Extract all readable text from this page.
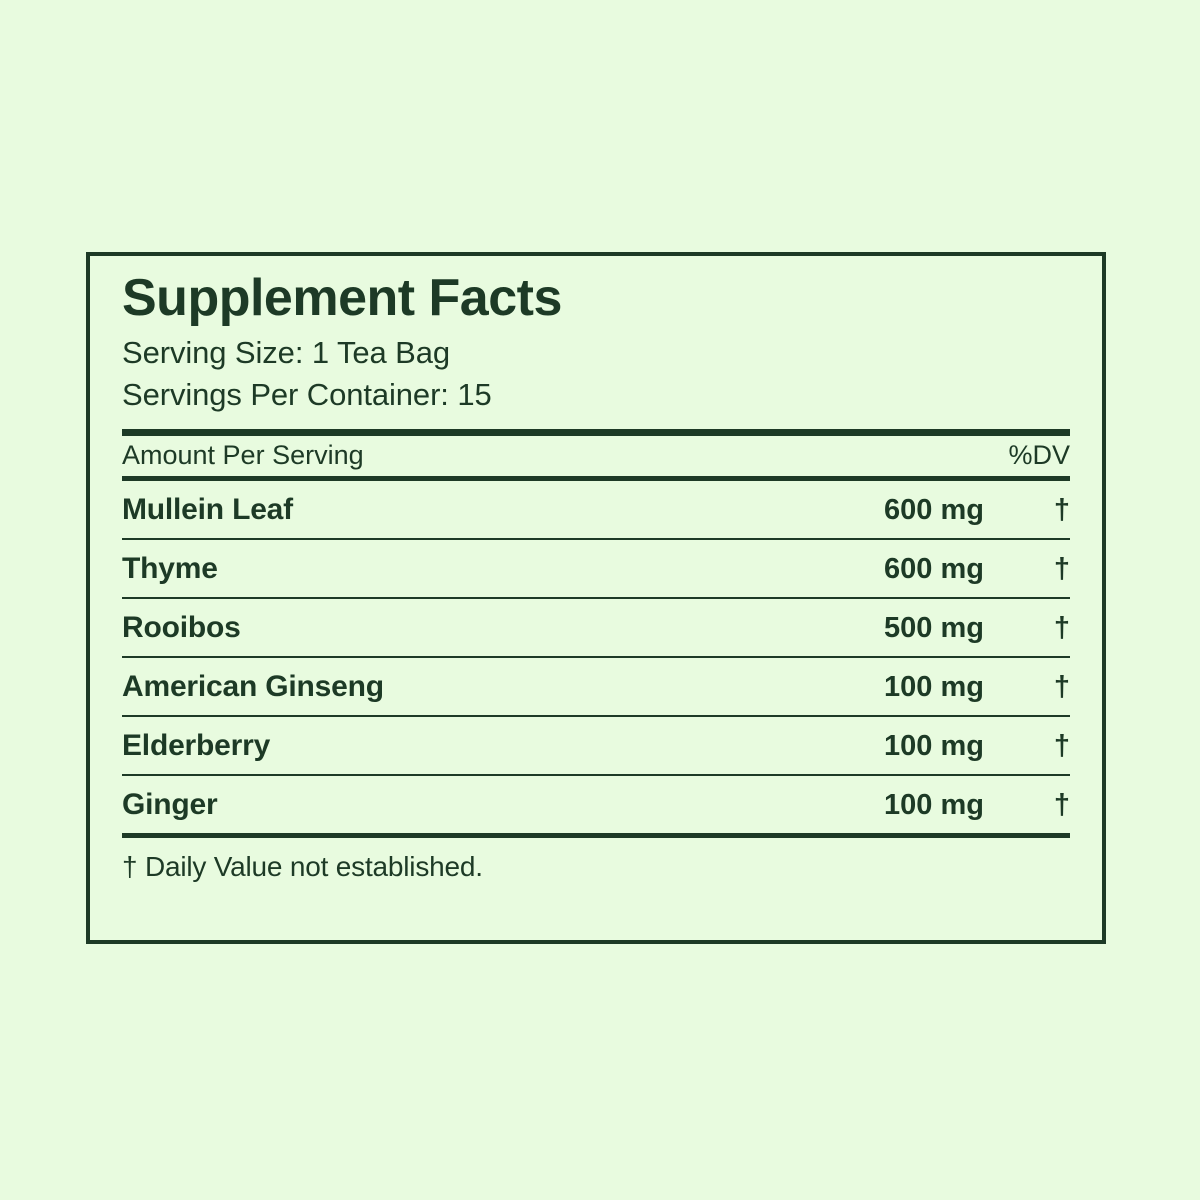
Supplement Facts
Serving Size: 1 Tea Bag
Servings Per Container: 15
Amount Per Serving	%DV
Mullein Leaf	600 mg	†
Thyme	600 mg	†
Rooibos	500 mg	†
American Ginseng	100 mg	†
Elderberry	100 mg	†
Ginger	100 mg	†
† Daily Value not established.
